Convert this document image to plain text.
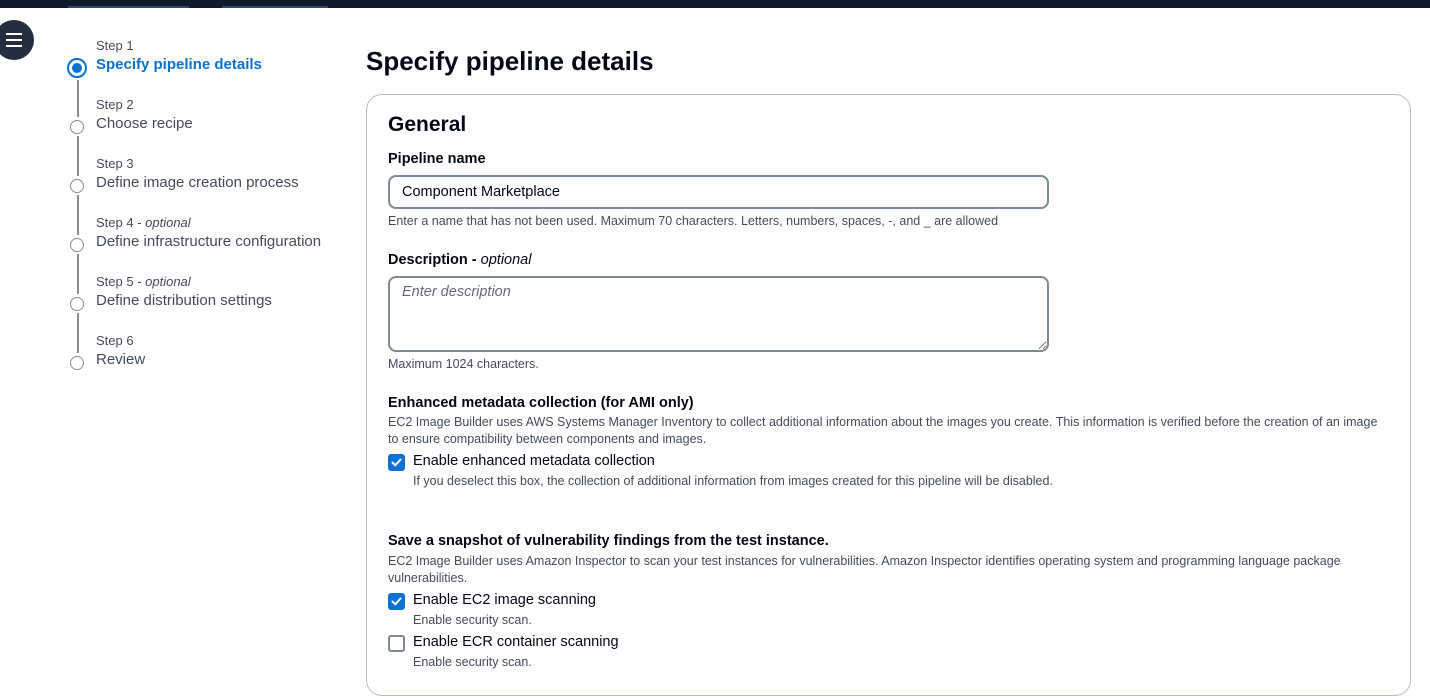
Step 1
Specify pipeline details
Step 2
Choose recipe
Step 3
Define image creation process
Step 4 - optional
Define infrastructure configuration
Step 5 - optional
Define distribution settings
Step 6
Review
Specify pipeline details
General
Pipeline name
Component Marketplace
Enter a name that has not been used. Maximum 70 characters. Letters, numbers, spaces, -, and _ are allowed
Description - optional
Enter description
Maximum 1024 characters.
Enhanced metadata collection (for AMI only)
EC2 Image Builder uses AWS Systems Manager Inventory to collect additional information about the images you create. This information is verified before the creation of an image to ensure compatibility between components and images.
Enable enhanced metadata collection
If you deselect this box, the collection of additional information from images created for this pipeline will be disabled.
Save a snapshot of vulnerability findings from the test instance.
EC2 Image Builder uses Amazon Inspector to scan your test instances for vulnerabilities. Amazon Inspector identifies operating system and programming language package vulnerabilities.
Enable EC2 image scanning
Enable security scan.
Enable ECR container scanning
Enable security scan.
